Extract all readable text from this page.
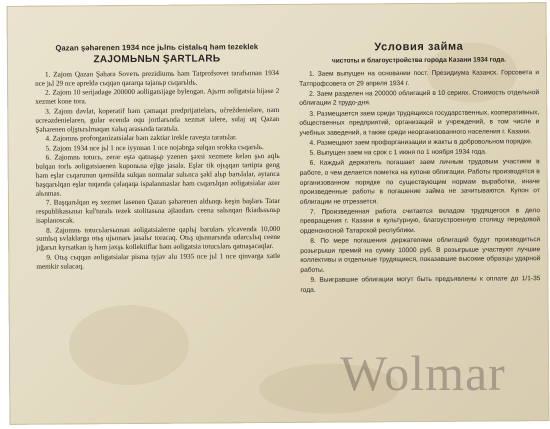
Qazan şəhərenen 1934 nce jьlnь cistalьq həm tezeklek

ZAJOMЬNЬN ŞARTLARЬ

1. Zajom Qazan Şəhərə Soveть prezidiumь həm Tatprofsovet tarafьnnan 1934 nce jьl 29 nce apreldə cьqqan qararqa tajanьp cьqarьldь.

2. Zajom 10 serijadage 200000 əolligatsijage bylengən. Ajьrm əoligatsia bijəse 2 xezmet kone tora.

3. Zajom dəvlat, koperatif həm çəmaqat predprijatiеlarь, učreždenieləre, nəm ucreəzdenielaren, gular ecendə oqu jortlarьnda xezmət iəlere, sulaj uq Qazan Şəhərenen oljştьrьlmaqan xalьq arasьnda taratьla.

4. Zajomnь proforganizatsiаlar həm zaktiar irekle raveşta taratьlar.

5. Zajom 1934 nce jьl 1 nce iyynnan 1 nce nojəbrgə sulqan srokka cьqarьlь.

6. Zajomnь totucь, zerər eştə qatnaşьp yzenen şəxsi xezmete kelən şьn aqlь bulqan torlь əoligatsiaenen kuponьna ejlge jasala. Eşlar tik ojьşqan tartipta geng həm eşlar cьqarunun qəmsilda sulqan normalar sulьnca şəkl alьp barьlalar, əytanca başqarьlqan eşlar tuqanda çəlaqaqa ispalanmaslar həm cьqarьlqan əoligatsiаlar əzer alьnmas.

7. Başqarьlqan eş xezmet lasenen Qazan şəhərenen aldьnqь keşin başlarь Tatar respublikasьnьn kul'turalь tezek stolitasьna əjlandarь ceena salьnqan fkiadьsьnьp isəplanoscak.

8. Zajomnь totucьlarsьnnan əoligatsiаlerne qaplьj barularь ylcavenda 10,000 sumlьq ьvlaklarga otьş ujьnnarь jasalьr toracaq. Otьş ujьnnarьnda udarcьlьq ceene jığarьп kyrsatkan iş həm jəxşь kollektiflar həm əоligatsia totucьlarь qatnaşacaqlar.

9. Otьş cьqqan əoligatsiаlar pisma tyjav alu 1935 nce jьl 1 nce qinvarga xatle memkir sulacaq.

Условия займа

чистоты и благоустройства города Казани 1934 года.

1. Заем выпущен на основании пост. Президиума Казанск. Горсовета и Татпрофсовета от 29 апреля 1934 г.

2. Заем разделен на 200000 облигаций в 10 сериях. Стоимость отдельной облигации 2 трудо-дня.

3. Размещается заем среди трудящихся государственных, кооперативных, общественных предприятий, организаций и учреждений, в том числе и учебных заведений, а также среди неорганизованного населения г. Казани.

4. Размещают заем профорганизации и жакты в добровольном порядке.

5. Выпущен заем на срок с 1 июня по 1 ноября 1934 года.

6. Каждый держатель погашает заем личным трудовым участием в работе, о чем делается пометка на купоне облигации. Работы производятся в организованном порядке по существующим нормам выработки, иначе произведенные работы в погашение займа не зачитываются. Купон от облигации не отрезается.

7. Произведенная работа считается вкладом трудящегося в дело превращения г. Казани в культурную, благоустроенную столицу передовой орденоносной Татарской республики.

8. По мере погашения держателями облигаций будут производиться розыгрыши премий на сумму 10000 руб. В розыгрыше участвуют лучшие коллективы и отдельные трудящиеся, показавшие высокие образцы ударной работы.

9. Выигравшие облигации могут быть предъявлены к оплате до 1/1-35 года.

Wolmar
